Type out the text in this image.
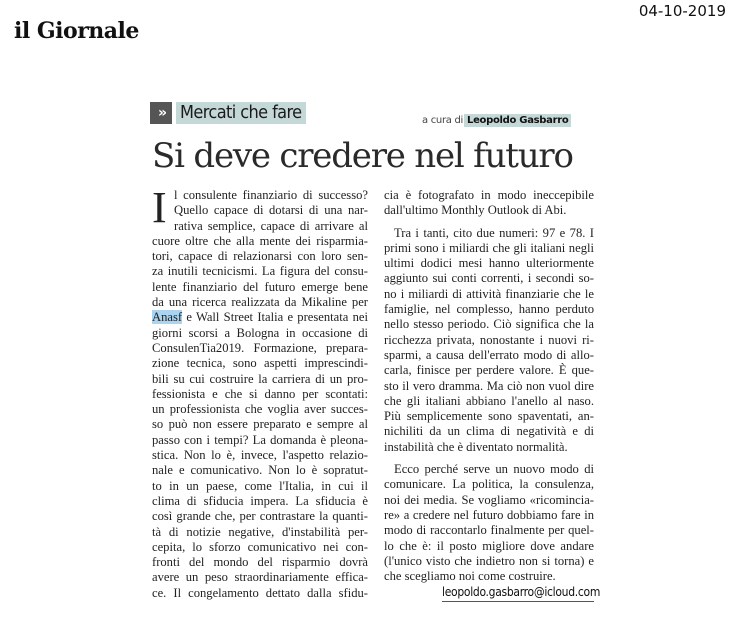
il Giornale
04-10-2019
» Mercati che fare	a cura di Leopoldo Gasbarro
Si deve credere nel futuro
I l consulente finanziario di successo?
Quello capace di dotarsi di una nar-
rativa semplice, capace di arrivare al
cuore oltre che alla mente dei risparmia-
tori, capace di relazionarsi con loro sen-
za inutili tecnicismi. La figura del consu-
lente finanziario del futuro emerge bene
da una ricerca realizzata da Mikaline per
Anasf e Wall Street Italia e presentata nei
giorni scorsi a Bologna in occasione di
ConsulenTia2019. Formazione, prepara-
zione tecnica, sono aspetti imprescindi-
bili su cui costruire la carriera di un pro-
fessionista e che si danno per scontati:
un professionista che voglia aver succes-
so può non essere preparato e sempre al
passo con i tempi? La domanda è pleona-
stica. Non lo è, invece, l'aspetto relazio-
nale e comunicativo. Non lo è sopratut-
to in un paese, come l'Italia, in cui il
clima di sfiducia impera. La sfiducia è
così grande che, per contrastare la quanti-
tà di notizie negative, d'instabilità per-
cepita, lo sforzo comunicativo nei con-
fronti del mondo del risparmio dovrà
avere un peso straordinariamente effica-
ce. Il congelamento dettato dalla sfidu-
cia è fotografato in modo ineccepibile
dall'ultimo Monthly Outlook di Abi.
Tra i tanti, cito due numeri: 97 e 78. I
primi sono i miliardi che gli italiani negli
ultimi dodici mesi hanno ulteriormente
aggiunto sui conti correnti, i secondi so-
no i miliardi di attività finanziarie che le
famiglie, nel complesso, hanno perduto
nello stesso periodo. Ciò significa che la
ricchezza privata, nonostante i nuovi ri-
sparmi, a causa dell'errato modo di allo-
carla, finisce per perdere valore. È que-
sto il vero dramma. Ma ciò non vuol dire
che gli italiani abbiano l'anello al naso.
Più semplicemente sono spaventati, an-
nichiliti da un clima di negatività e di
instabilità che è diventato normalità.
Ecco perché serve un nuovo modo di
comunicare. La politica, la consulenza,
noi dei media. Se vogliamo «ricomincia-
re» a credere nel futuro dobbiamo fare in
modo di raccontarlo finalmente per quel-
lo che è: il posto migliore dove andare
(l'unico visto che indietro non si torna) e
che scegliamo noi come costruire.
leopoldo.gasbarro@icloud.com
